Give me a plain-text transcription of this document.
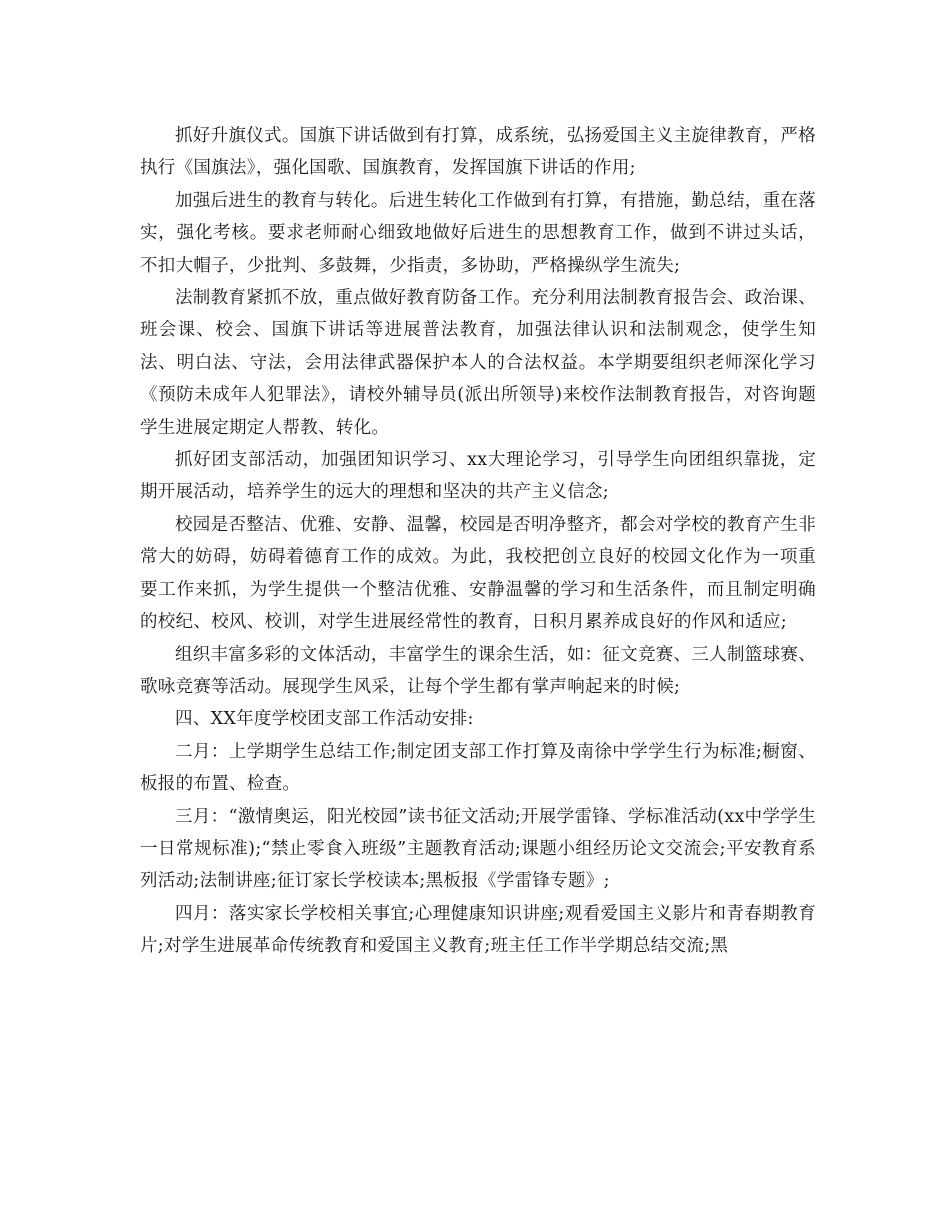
抓好升旗仪式。国旗下讲话做到有打算，成系统，弘扬爱国主义主旋律教育，严格执行《国旗法》，强化国歌、国旗教育，发挥国旗下讲话的作用;

加强后进生的教育与转化。后进生转化工作做到有打算，有措施，勤总结，重在落实，强化考核。要求老师耐心细致地做好后进生的思想教育工作，做到不讲过头话，不扣大帽子，少批判、多鼓舞，少指责，多协助，严格操纵学生流失;

法制教育紧抓不放，重点做好教育防备工作。充分利用法制教育报告会、政治课、班会课、校会、国旗下讲话等进展普法教育，加强法律认识和法制观念，使学生知法、明白法、守法，会用法律武器保护本人的合法权益。本学期要组织老师深化学习《预防未成年人犯罪法》，请校外辅导员(派出所领导)来校作法制教育报告，对咨询题学生进展定期定人帮教、转化。

抓好团支部活动，加强团知识学习、xx大理论学习，引导学生向团组织靠拢，定期开展活动，培养学生的远大的理想和坚决的共产主义信念;

校园是否整洁、优雅、安静、温馨，校园是否明净整齐，都会对学校的教育产生非常大的妨碍，妨碍着德育工作的成效。为此，我校把创立良好的校园文化作为一项重要工作来抓，为学生提供一个整洁优雅、安静温馨的学习和生活条件，而且制定明确的校纪、校风、校训，对学生进展经常性的教育，日积月累养成良好的作风和适应;

组织丰富多彩的文体活动，丰富学生的课余生活，如：征文竞赛、三人制篮球赛、歌咏竞赛等活动。展现学生风采，让每个学生都有掌声响起来的时候;

四、XX年度学校团支部工作活动安排:

二月：上学期学生总结工作;制定团支部工作打算及南徐中学学生行为标准;橱窗、板报的布置、检查。

三月：“激情奥运，阳光校园”读书征文活动;开展学雷锋、学标准活动(xx中学学生一日常规标准);“禁止零食入班级”主题教育活动;课题小组经历论文交流会;平安教育系列活动;法制讲座;征订家长学校读本;黑板报《学雷锋专题》;

四月：落实家长学校相关事宜;心理健康知识讲座;观看爱国主义影片和青春期教育片;对学生进展革命传统教育和爱国主义教育;班主任工作半学期总结交流;黑
